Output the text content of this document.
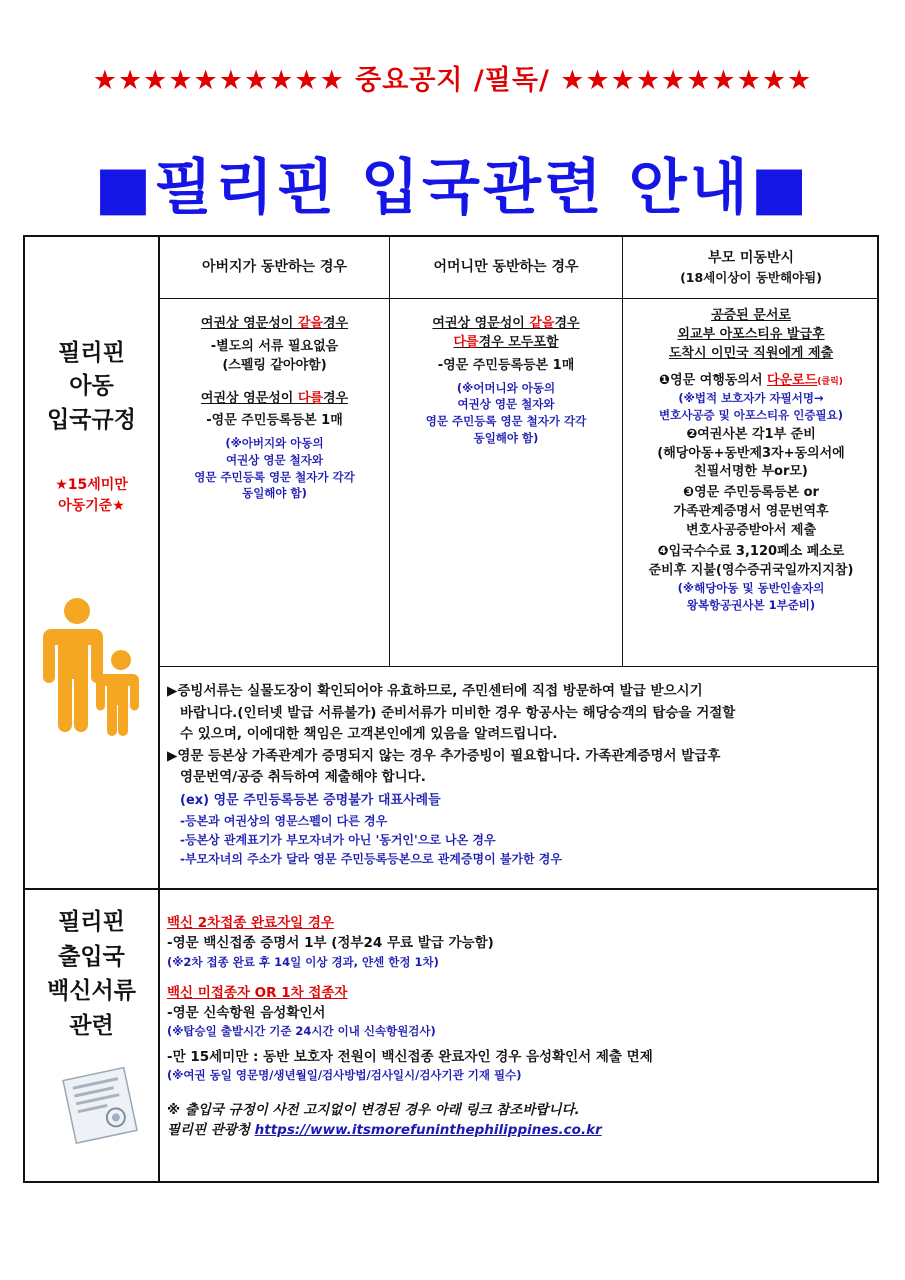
★★★★★★★★★★ 중요공지 /필독/ ★★★★★★★★★★
■필리핀 입국관련 안내■
아버지가 동반하는 경우	어머니만 동반하는 경우
부모 미동반시
(18세이상이 동반해야됨)

필리핀

아동

입국규정

★15세미만

아동기준★

여권상 영문성이 같을경우

-별도의 서류 필요없음

(스펠링 같아야함)

여권상 영문성이 다를경우

-영문 주민등록등본 1매

(※아버지와 아동의

여권상 영문 철자와

영문 주민등록 영문 철자가 각각

동일해야 함)

여권상 영문성이 같을경우

다를경우 모두포함

-영문 주민등록등본 1매

(※어머니와 아동의

여권상 영문 철자와

영문 주민등록 영문 철자가 각각

동일해야 함)

공증된 문서로

외교부 아포스티유 발급후

도착시 이민국 직원에게 제출

❶영문 여행동의서 다운로드(클릭)

(※법적 보호자가 자필서명→

변호사공증 및 아포스티유 인증필요)

❷여권사본 각1부 준비

(해당아동+동반제3자+동의서에

친필서명한 부or모)

❸영문 주민등록등본 or

가족관계증명서 영문번역후

변호사공증받아서 제출

❹입국수수료 3,120페소 페소로

준비후 지불(영수증귀국일까지지참)

(※해당아동 및 동반인솔자의

왕복항공권사본 1부준비)

▶증빙서류는 실물도장이 확인되어야 유효하므로, 주민센터에 직접 방문하여 발급 받으시기

바랍니다.(인터넷 발급 서류불가) 준비서류가 미비한 경우 항공사는 해당승객의 탑승을 거절할

수 있으며, 이에대한 책임은 고객본인에게 있음을 알려드립니다.

▶영문 등본상 가족관계가 증명되지 않는 경우 추가증빙이 필요합니다. 가족관계증명서 발급후

영문번역/공증 취득하여 제출해야 합니다.

(ex) 영문 주민등록등본 증명불가 대표사례들

-등본과 여권상의 영문스펠이 다른 경우

-등본상 관계표기가 부모자녀가 아닌 '동거인'으로 나온 경우

-부모자녀의 주소가 달라 영문 주민등록등본으로 관계증명이 불가한 경우

필리핀

출입국

백신서류

관련

백신 2차접종 완료자일 경우

-영문 백신접종 증명서 1부 (정부24 무료 발급 가능함)

(※2차 접종 완료 후 14일 이상 경과, 얀센 한정 1차)

백신 미접종자 OR 1차 접종자

-영문 신속항원 음성확인서

(※탑승일 출발시간 기준 24시간 이내 신속항원검사)

-만 15세미만 : 동반 보호자 전원이 백신접종 완료자인 경우 음성확인서 제출 면제

(※여권 동일 영문명/생년월일/검사방법/검사일시/검사기관 기재 필수)

※ 출입국 규정이 사전 고지없이 변경된 경우 아래 링크 참조바랍니다.

필리핀 관광청 https://www.itsmorefuninthephilippines.co.kr
